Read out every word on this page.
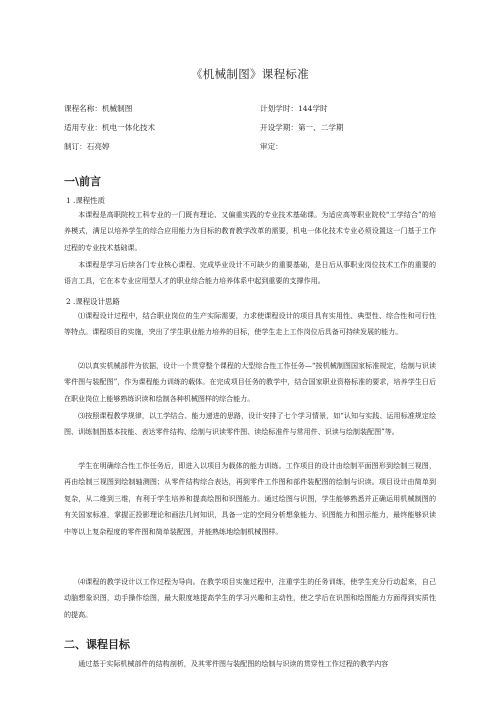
《机械制图》课程标准
课程名称：机械制图	计划学时：144学时
适用专业：机电一体化技术	开设学期：第一、二学期
制订：石亮婷	审定：
一\前言
1 .课程性质

本课程是高职院校工科专业的一门既有理论、又偏重实践的专业技术基础课。为适应高等职业院校“工学结合”的培养模式，满足以培养学生的综合应用能力为目标的教育教学改革的需要，机电一体化技术专业必须设置这一门基于工作过程的专业技术基础课。

本课程是学习后续各门专业核心课程、完成毕业设计不可缺少的重要基础，是日后从事职业岗位技术工作的重要的语言工具，它在本专业应用型人才的职业综合能力培养体系中起到重要的支撑作用。

2 .课程设计思路

⑴课程设计过程中，结合职业岗位的生产实际需要，力求使课程设计的项目具有实用性、典型性、综合性和可行性等特点。课程项目的实施，突出了学生职业能力培养的目标，使学生走上工作岗位后具备可持续发展的能力。

⑵以真实机械部件为依据，设计一个贯穿整个课程的大型综合性工作任务—“按机械制图国家标准规定，绘制与识读零件图与装配图”，作为课程能力训练的载体。在完成项目任务的教学中，结合国家职业资格标准的要求，培养学生日后在职业岗位上能够熟练识读和绘制各种机械图样的综合能力。

⑶按照课程教学规律，以工学结合、能力递进的思路，设计安排了七个学习情景，如“认知与实践、运用标准规定绘图、训练制图基本技能、表达零件结构、绘制与识读零件图、读绘标准件与常用件、识读与绘制装配图”等。

学生在明确综合性工作任务后，即进入以项目为载体的能力训练。工作项目的设计由绘制平面图形到绘制三视图，再由绘制三视图到绘制轴测图；从零件结构综合表达，再到零件工作图和部件装配图的绘制与识读。项目设计由简单到复杂，从二维到三维，有利于学生培养和提高绘图和识图能力。通过绘图与识图，学生能够熟悉并正确运用机械制图的有关国家标准，掌握正投影理论和画法几何知识，具备一定的空间分析想象能力、识图能力和图示能力，最终能够识读中等以上复杂程度的零件图和简单装配图，并能熟练地绘制机械图样。

⑷课程的教学设计以工作过程为导向。在教学项目实施过程中，注重学生的任务训练，使学生充分行动起来，自己动脑想象识图，动手操作绘图，最大限度地提高学生的学习兴趣和主动性，使之学后在识图和绘图能力方面得到实质性的提高。

二、课程目标

通过基于实际机械部件的结构剖析，及其零件图与装配图的绘制与识读的贯穿性工作过程的教学内容
